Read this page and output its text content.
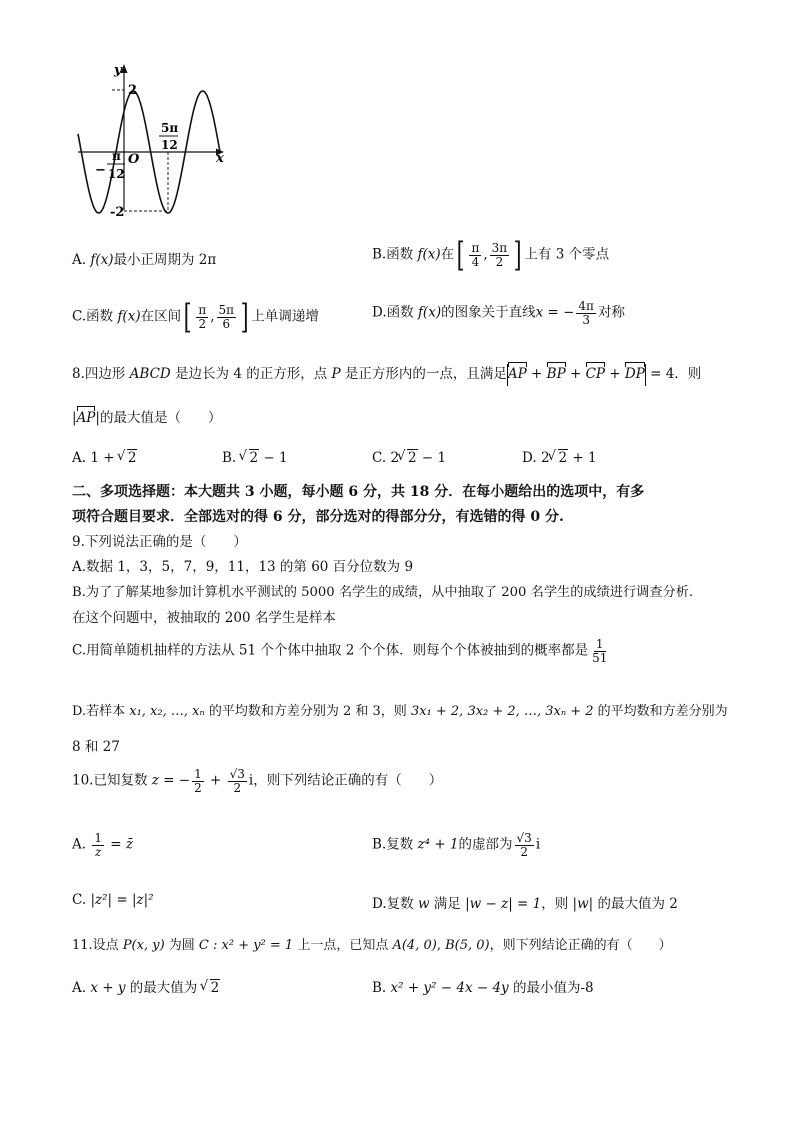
y
x
O
2
-2
−
π
12
5π
12
A. f(x)最小正周期为 2π	B.函数 f(x)在[ $\frac{\pi}{4}$ , $\frac{3\pi}{2}$ ] 上有 3 个零点
C.函数 f(x)在区间[ $\frac{\pi}{2}$ , $\frac{5\pi}{6}$ ] 上单调递增	D.函数 f(x)的图象关于直线x = − $\frac{4\pi}{3}$ 对称
8.四边形 ABCD 是边长为 4 的正方形，点 P 是正方形内的一点，且满足AP + BP + CP + DP = 4．则
|AP|的最大值是（　　）
A. 1 + √ 2	B. √ 2 − 1	C. 2 √ 2 − 1	D. 2 √ 2 + 1
二、多项选择题：本大题共 3 小题，每小题 6 分，共 18 分．在每小题给出的选项中，有多
项符合题目要求．全部选对的得 6 分，部分选对的得部分分，有选错的得 0 分.
9.下列说法正确的是（　　）
A.数据 1，3，5，7，9，11，13 的第 60 百分位数为 9
B.为了了解某地参加计算机水平测试的 5000 名学生的成绩，从中抽取了 200 名学生的成绩进行调查分析.
在这个问题中，被抽取的 200 名学生是样本
C.用简单随机抽样的方法从 51 个个体中抽取 2 个个体．则每个个体被抽到的概率都是 $\frac{1}{51}$
D.若样本 x₁, x₂, …, xₙ 的平均数和方差分别为 2 和 3，则 3x₁ + 2, 3x₂ + 2, …, 3xₙ + 2 的平均数和方差分别为
8 和 27
10.已知复数 z = − $\frac{1}{2} + \frac{√3}{2}$ i，则下列结论正确的有（　　）
A. $\frac{1}{z}$ = z̄	B.复数 z⁴ + 1的虚部为 $\frac{√3}{2}$ i
C. |z²| = |z|²	D.复数 w 满足 |w − z| = 1，则 |w| 的最大值为 2
11.设点 P(x, y) 为圆 C : x² + y² = 1 上一点，已知点 A(4, 0), B(5, 0)，则下列结论正确的有（　　）
A. x + y 的最大值为 √ 2	B. x² + y² − 4x − 4y 的最小值为-8
